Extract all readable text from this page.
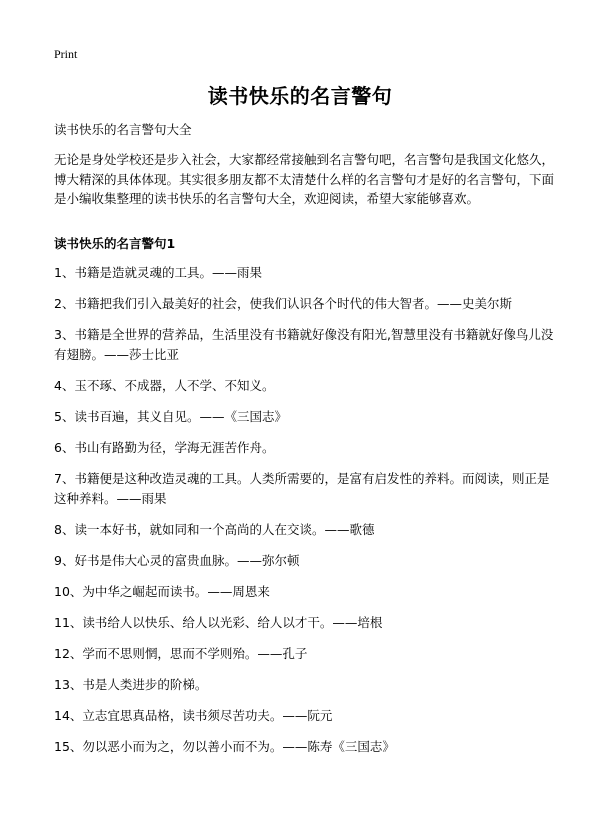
Print
读书快乐的名言警句

读书快乐的名言警句大全

无论是身处学校还是步入社会，大家都经常接触到名言警句吧，名言警句是我国文化悠久，博大精深的具体体现。其实很多朋友都不太清楚什么样的名言警句才是好的名言警句，下面是小编收集整理的读书快乐的名言警句大全，欢迎阅读，希望大家能够喜欢。

读书快乐的名言警句1
1、书籍是造就灵魂的工具。——雨果
2、书籍把我们引入最美好的社会，使我们认识各个时代的伟大智者。——史美尔斯
3、书籍是全世界的营养品，生活里没有书籍就好像没有阳光,智慧里没有书籍就好像鸟儿没有翅膀。——莎士比亚
4、玉不琢、不成器，人不学、不知义。
5、读书百遍，其义自见。——《三国志》
6、书山有路勤为径，学海无涯苦作舟。
7、书籍便是这种改造灵魂的工具。人类所需要的，是富有启发性的养料。而阅读，则正是这种养料。——雨果
8、读一本好书，就如同和一个高尚的人在交谈。——歌德
9、好书是伟大心灵的富贵血脉。——弥尔顿
10、为中华之崛起而读书。——周恩来
11、读书给人以快乐、给人以光彩、给人以才干。——培根
12、学而不思则惘，思而不学则殆。——孔子
13、书是人类进步的阶梯。
14、立志宜思真品格，读书须尽苦功夫。——阮元
15、勿以恶小而为之，勿以善小而不为。——陈寿《三国志》
